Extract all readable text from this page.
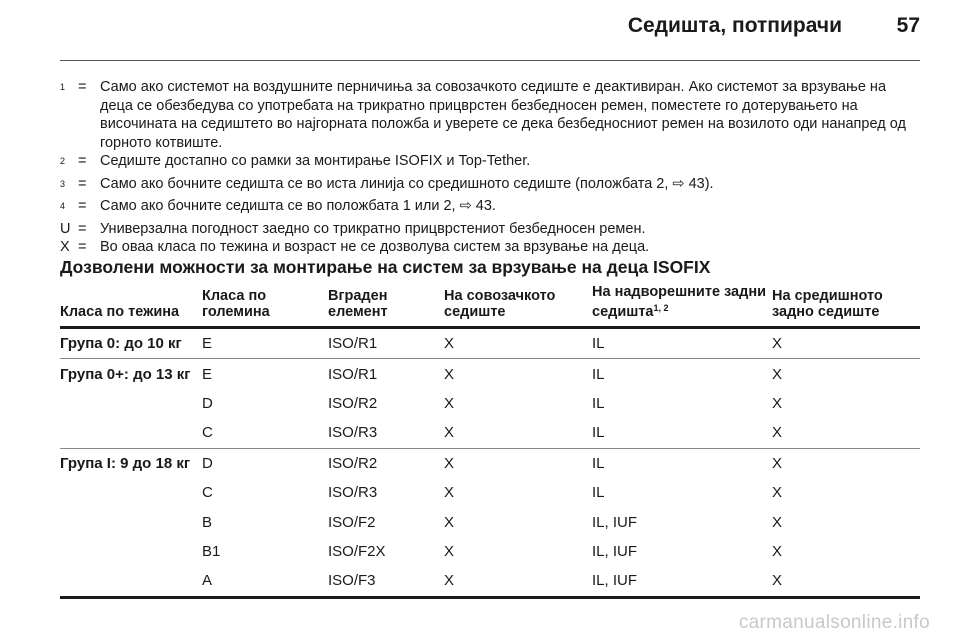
Седишта, потпирачи	57
$^1$ = Само ако системот на воздушните перничиња за совозачкото седиште е деактивиран. Ако системот за врзување на деца се обезбедува со употребата на трикратно прицврстен безбедносен ремен, поместете го дотерувањето на височината на седиштето во најгорната положба и уверете се дека безбедносниот ремен на возилото оди нанапред од горното котвиште.
$^2$ = Седиште достапно со рамки за монтирање ISOFIX и Top-Tether.
$^3$ = Само ако бочните седишта се во иста линија со средишното седиште (положбата 2, ⇨ 43).
$^4$ = Само ако бочните седишта се во положбата 1 или 2, ⇨ 43.
U = Универзална погодност заедно со трикратно прицврстениот безбедносен ремен.
X = Во оваа класа по тежина и возраст не се дозволува систем за врзување на деца.
Дозволени можности за монтирање на систем за врзување на деца ISOFIX
Класа по тежина	Класа по големина	Вграден елемент	На совозачкото седиште	На надворешните задни седишта$^{1, 2}$	На средишното задно седиште
Група 0: до 10 кг	E	ISO/R1	X	IL	X
Група 0+: до 13 кг	E	ISO/R1	X	IL	X
	D	ISO/R2	X	IL	X
	C	ISO/R3	X	IL	X
Група I: 9 до 18 кг	D	ISO/R2	X	IL	X
	C	ISO/R3	X	IL	X
	B	ISO/F2	X	IL, IUF	X
	B1	ISO/F2X	X	IL, IUF	X
	A	ISO/F3	X	IL, IUF	X
carmanualsonline.info
